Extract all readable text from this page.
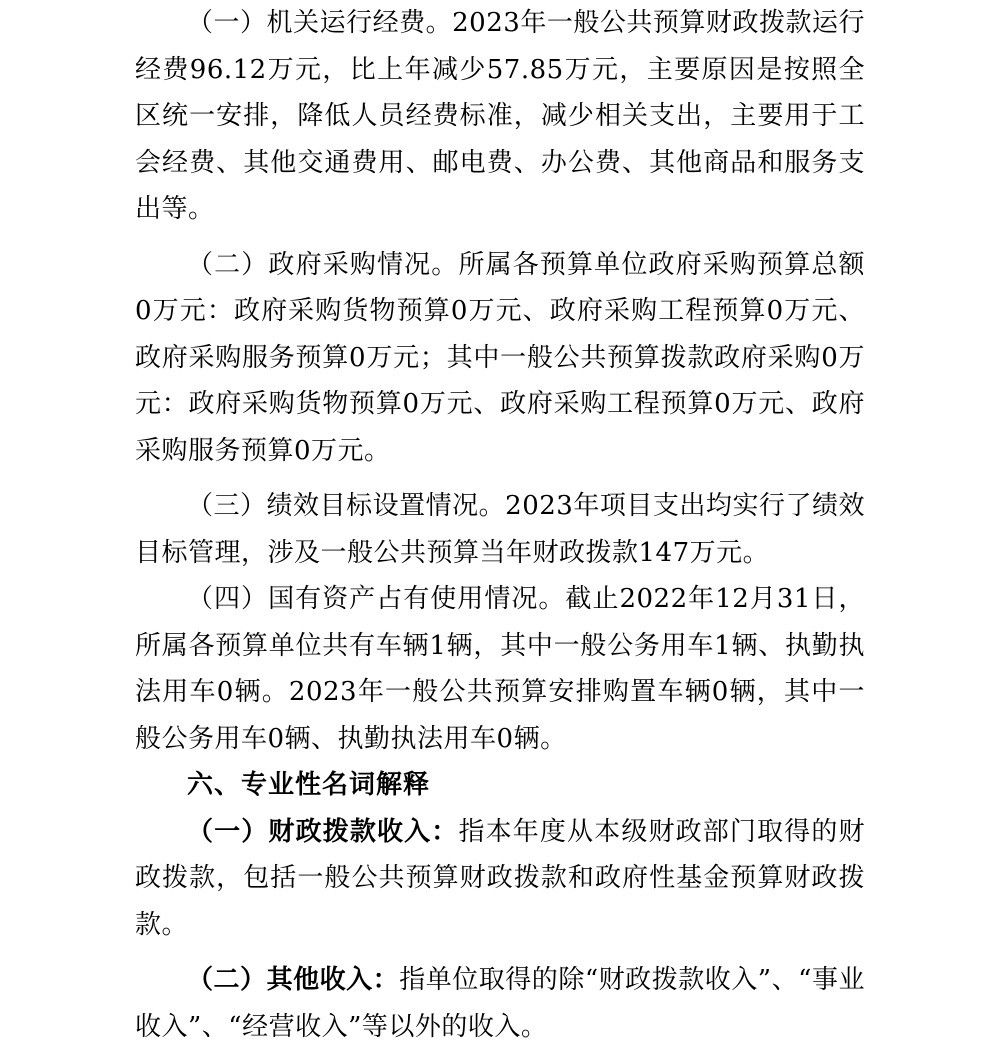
（一）机关运行经费。2023年一般公共预算财政拨款运行经费96.12万元，比上年减少57.85万元，主要原因是按照全区统一安排，降低人员经费标准，减少相关支出，主要用于工会经费、其他交通费用、邮电费、办公费、其他商品和服务支出等。

（二）政府采购情况。所属各预算单位政府采购预算总额0万元：政府采购货物预算0万元、政府采购工程预算0万元、政府采购服务预算0万元；其中一般公共预算拨款政府采购0万元：政府采购货物预算0万元、政府采购工程预算0万元、政府采购服务预算0万元。

（三）绩效目标设置情况。2023年项目支出均实行了绩效目标管理，涉及一般公共预算当年财政拨款147万元。

（四）国有资产占有使用情况。截止2022年12月31日，所属各预算单位共有车辆1辆，其中一般公务用车1辆、执勤执法用车0辆。2023年一般公共预算安排购置车辆0辆，其中一般公务用车0辆、执勤执法用车0辆。

六、专业性名词解释

（一）财政拨款收入：指本年度从本级财政部门取得的财政拨款，包括一般公共预算财政拨款和政府性基金预算财政拨款。

（二）其他收入：指单位取得的除“财政拨款收入”、“事业收入”、“经营收入”等以外的收入。
